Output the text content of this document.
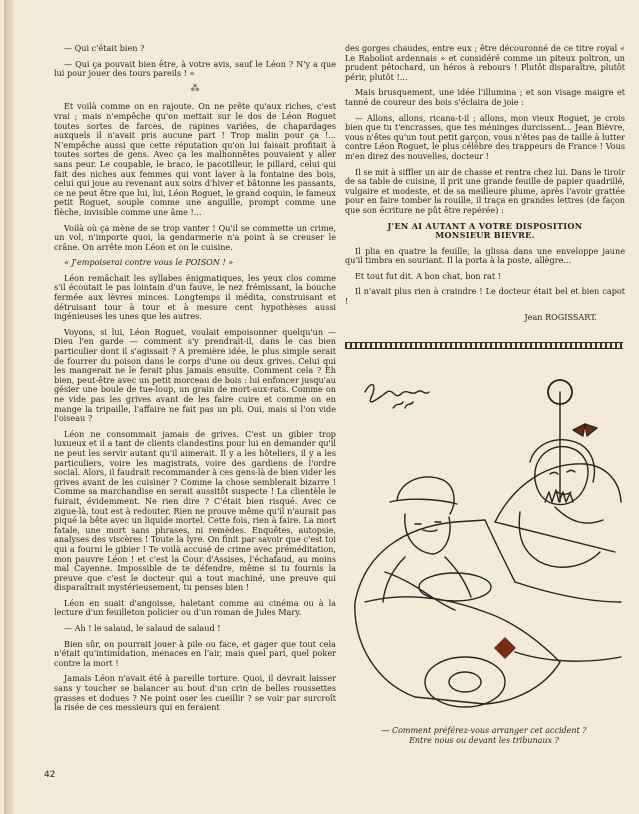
— Qui c'était bien ?

— Qui ça pouvait bien être, à votre avis, sauf le Léon ? N'y a que lui pour jouer des tours pareils ! »

⁂

Et voilà comme on en rajoute. On ne prête qu'aux riches, c'est vrai ; mais n'empêche qu'on mettait sur le dos de Léon Roguet toutes sortes de farces, de rapines variées, de chapardages auxquels il n'avait pris aucune part ! Trop malin pour ça !... N'empêche aussi que cette réputation qu'on lui faisait profitait à toutes sortes de gens. Avec ça les malhonnêtes pouvaient y aller sans peur. Le coupable, le braco, le pacotilleur, le pillard, celui qui fait des niches aux femmes qui vont laver à la fontaine des bois, celui qui joue au revenant aux soirs d'hiver et bâtonne les passants, ce ne peut être que lui, lui, Léon Roguet, le grand coquin, le fameux petit Roguet, souple comme une anguille, prompt comme une flèche, invisible comme une âme !...

Voilà où ça mène de se trop vanter ! Qu'il se commette un crime, un vol, n'importe quoi, la gendarmerie n'a point à se creuser le crâne. On arrête mon Léon et on le cuisine.

« J'empoiserai contre vous le POISON ! »

Léon remâchait les syllabes énigmatiques, les yeux clos comme s'il écoutait le pas lointain d'un fauve, le nez frémissant, la bouche fermée aux lèvres minces. Longtemps il médita, construisant et détruisant tour à tour et à mesure cent hypothèses aussi ingénieuses les unes que les autres.

Voyons, si lui, Léon Roguet, voulait empoisonner quelqu'un — Dieu l'en garde — comment s'y prendrait-il, dans le cas bien particulier dont il s'agissait ? A première idée, le plus simple serait de fourrer du poison dans le corps d'une ou deux grives. Celui qui les mangerait ne le ferait plus jamais ensuite. Comment cela ? Eh bien, peut-être avec un petit morceau de bois : lui enfoncer jusqu'au gésier une boule de tue-loup, un grain de mort-aux-rats. Comme on ne vide pas les grives avant de les faire cuire et comme on en mange la tripaille, l'affaire ne fait pas un pli. Oui, mais si l'on vide l'oiseau ?

Léon ne consommait jamais de grives. C'est un gibier trop luxueux et il a tant de clients clandestins pour lui en demander qu'il ne peut les servir autant qu'il aimerait. Il y a les hôteliers, il y a les particuliers, voire les magistrats, voire des gardiens de l'ordre social. Alors, il faudrait recommander à ces gens-là de bien vider les grives avant de les cuisiner ? Comme la chose semblerait bizarre ! Comme sa marchandise en serait aussitôt suspecte ! La clientèle le fuirait, évidemment. Ne rien dire ? C'était bien risqué. Avec ce zigue-là, tout est à redouter. Rien ne prouve même qu'il n'aurait pas piqué la bête avec un liquide mortel. Cette fois, rien à faire. La mort fatale, une mort sans phrases, ni remèdes. Enquêtes, autopsie, analyses des viscères ! Toute la lyre. On finit par savoir que c'est toi qui a fourni le gibier ! Te voilà accusé de crime avec préméditation, mon pauvre Léon ! et c'est la Cour d'Assises, l'échafaud, au moins mal Cayenne. Impossible de te défendre, même si tu fournis la preuve que c'est le docteur qui a tout machiné, une preuve qui disparaîtrait mystérieusement, tu penses bien !

Léon en suait d'angoisse, haletant comme au cinéma ou à la lecture d'un feuilleton policier ou d'un roman de Jules Mary.

— Ah ! le salaud, le salaud de salaud !

Bien sûr, on pourrait jouer à pile ou face, et gager que tout cela n'était qu'intimidation, menaces en l'air, mais quel pari, quel poker contre la mort !

Jamais Léon n'avait été à pareille torture. Quoi, il devrait laisser sans y toucher se balancer au bout d'un crin de belles roussettes grasses et dodues ? Ne point oser les cueillir ? se voir par surcroît la risée de ces messieurs qui en feraient

des gorges chaudes, entre eux ; être découronné de ce titre royal « Le Raboliot ardennais » et considéré comme un piteux poltron, un prudent pétochard, un héros à rebours ! Plutôt disparaître, plutôt périr, plutôt !...

Mais brusquement, une idée l'illumina ; et son visage maigre et tanné de coureur des bois s'éclaira de joie :

— Allons, allons, ricana-t-il ; allons, mon vieux Roguet, je crois bien que tu t'encrasses, que tes méninges durcissent... Jean Bièvre, vous n'êtes qu'un tout petit garçon, vous n'êtes pas de taille à lutter contre Léon Roguet, le plus célèbre des trappeurs de France ! Vous m'en direz des nouvelles, docteur !

Il se mit à siffler un air de chasse et rentra chez lui. Dans le tiroir de sa table de cuisine, il prit une grande feuille de papier quadrillé, vulgaire et modeste, et de sa meilleure plume, après l'avoir grattée pour en faire tomber la rouille, il traça en grandes lettres (de façon que son écriture ne pût être repérée) :

J'EN AI AUTANT A VOTRE DISPOSITION

MONSIEUR BIEVRE.

Il plia en quatre la feuille, la glissa dans une enveloppe jaune qu'il timbra en souriant. Il la porta à la poste, allègre...

Et tout fut dit. A bon chat, bon rat !

Il n'avait plus rien à craindre ! Le docteur était bel et bien capot !

Jean ROGISSART.

— Comment préférez-vous arranger cet accident ?
Entre nous ou devant les tribunaux ?
42
